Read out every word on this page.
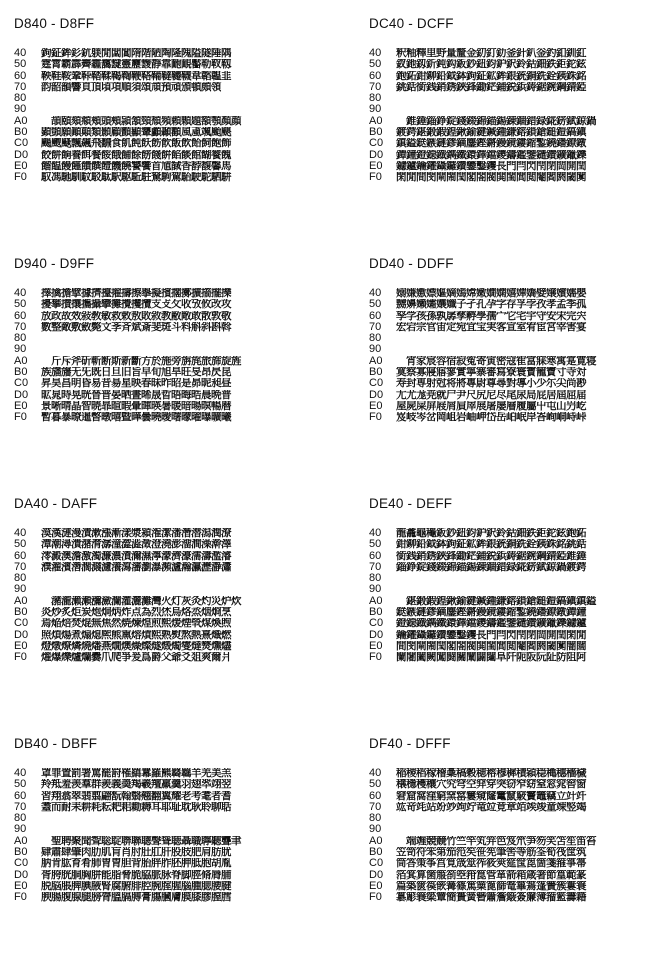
D840 - D8FF
40	鉤鉦鉾釤鈧躾閒闆閶隋階陋陶隆隗隘隧陲隅
50	霆霄霸霹霽霾靄靆靈靂靉靜靠靤靦靨勒靫靱
60	鞅鞋鞍鞏鞐鞜鞣鞨鞫鞭鞳鞴韃韆韈韋韜韞韭
70	韵韶韻響頁頂頃項順須頌頏預頑頒頓頗領
80
90
A0	　頡頤頦頫頬頭頰頴頷頸頹頻頼顆題額顎顏顔
B0	顕顗願顚顛類顥顧顫顯顰顱顳顴風颪颯颱颶
C0	颺颼颾飄飆飛飜食飢飩飫飭飮飯飲飴飼飽飾
D0	餃餅餉養餌餐餒餓餔餘餝餞餠餡餤館餬餮餽
E0	餾饂饅饉饋饌饐饑饒饕饗首馗馘香馞馥馨馬
F0	馭馮馳馴馼駁駄駅駆駈駐駑駒駕駘駛駝駟駢
DC40 - DCFF
40	釈釉釋里野量釐金釖釘釛釜針釟釡釣釦釧釭
50	釵釶釼釿鈍鈎鈑鈔鈕鈞鈩鈬鈴鈷鈿鉄鉅鉈鉉
60	鉋鉐鉗鉚鉛鉞鉢鉤鉦鉱鉾銀銃銅銑銓銕銖銘
70	銚銛銜銭銷銹鋏鋒鋤鋩鋪鋭鋲鋳鋸鋺鋼錆錏
80
90
A0	　錐錘錙錚錠錢錣錦錨錫錬錮錯録錵錺錻鍄鍋
B0	鍍鍔鍖鍛鍜鍠鍬鍮鍵鍼鍾鎌鎔鎖鎗鎚鎧鎬鎭
C0	鎮鎰鎹鏃鏈鏐鏑鏖鏗鏘鏝鏡鏤鏥鏨鐃鐇鐐鐓
D0	鐔鐘鐙鐚鐡鐫鐵鐶鐸鐺鑁鑄鑑鑒鑓鑚鑛鑞鑠
E0	鑢鑪鑰鑵鑷鑼鑽鑾鑿钁長門閂閃閇閉閊開閏
F0	閑閒間閔閘閙閠閣閤閥閧閨閭閲閹閻閼閾闃
D940 - D9FF
40	擇擒擔擘據擠擡擢擣擦擧擬擯擱擲擴擶擺擽
50	擾攀攅攘攜攝攣攤攪攫攬支攴攵收攷攸改攻
60	放政故效敍敎敏救敕敖敗敘教敝敞敢散敦敬
70	數整敵敷斂斃文斈斉斌斎斐斑斗料斛斜斟斡
80
90
A0	　斤斥斧斫斬断斯新斷方於施旁旃旄旅旆旋旌
B0	族旙旛无旡既日旦旧旨早旬旭旱旺旻昂昃昆
C0	昇昊昌明昏易昔昜星映春昧昨昭是昴昵昶昼
D0	昿晁時晃晄晉晋晏晒晝晞晟晢晤晦晧晨晩普
E0	景晰晴晶智暁暃暄暇暈暉暎暑暖暗暘暝暢暦
F0	暫暮暴暸暹暼暾暿曁曄曇曉曖曙曚曜曝曠曦
DD40 - DDFF
40	嫋嫌嫐嫖嫗嫡嫣嫦嫩嫺嫻嬉嬋嬌嬖嬢嬪嬬嬰
50	嬲嬶嬾孀孃孅子孑孔孕字存孚孛孜孝孟季孤
60	孥学孩孫孰孱孳孵學孺宀它宅宇守安宋完宍
70	宏宕宗官宙定宛宜宝実客宣室宥宦宮宰害宴
80
90
A0	　宵家宸容宿寂寃寄寅密寇寉富寐寒寓寔寛寝
B0	寞察寡寢寤寥實寧寨審寫寮寰寳寵寶寸寺対
C0	寿封専射尅将將專尉尊尋對導小少尓尖尚尠
D0	尢尤尨尭就尸尹尺尻尼尽尾尿局屁居屆屈届
E0	屋屍屎屏屐屑屓屖展屠屡層履屬屮屯山屶屹
F0	岌岐岑岔岡岨岩岫岬岱岳岶岷岸峇峋峒峙峠
DA40 - DAFF
40	漠漢漣漫漬漱漲漸漾漿潁潅潔潘潛潜潟潤潦
50	潭潮潯潰潴潸潺潼澀澁澂澄澆澎澑澗澡澣澤
60	澪澱澳澹激濁濂濃濆濔濕濘濛濟濠濡濤濫濬
70	濮濯濱濳濶濺濾瀁瀉瀋瀏瀑瀕瀘瀚瀛瀝瀞瀟
80
90
A0	　瀦瀧瀨瀬瀰瀲瀾灌灑灘灣火灯灰灸灼災炉炊
B0	炎炒炙炬炭炮炯炳炸点為烈烋烏烙烝烟烱烹
C0	焉焔焙焚焜無焦然焼煉煌煎煕煖煙煢煤煥煦
D0	照煩煬煮煽熄熈熊熏熔熕熙熟熨熬熱熹熾燃
E0	燈燉燎燐燒燔燕燗燠燥燦燧燬燭燮燵燹燻燼
F0	燿爆爍爐爛爨爪爬爭爰爲爵父爺爻爼爽爾爿
DE40 - DEFF
40	龍龕龜龝鈑鈔鈕鈞鈩鈬鈴鈷鈿鉄鉅鉈鉉鉋鉐
50	鉗鉚鉛鉞鉢鉤鉦鉱鉾銀銃銅銑銓銕銖銘銚銛
60	銜銭銷銹鋏鋒鋤鋩鋪鋭鋲鋳鋸鋺鋼錆錏錐錘
70	錙錚錠錢錣錦錨錫錬錮錯録錵錺錻鍄鍋鍍鍔
80
90
A0	　鍖鍛鍜鍠鍬鍮鍵鍼鍾鎌鎔鎖鎗鎚鎧鎬鎭鎮鎰
B0	鎹鏃鏈鏐鏑鏖鏗鏘鏝鏡鏤鏥鏨鐃鐇鐐鐓鐔鐘
C0	鐙鐚鐡鐫鐵鐶鐸鐺鑁鑄鑑鑒鑓鑚鑛鑞鑠鑢鑪
D0	鑰鑵鑷鑼鑽鑾鑿钁長門閂閃閇閉閊開閏閑閒
E0	間閔閘閙閠閣閤閥閧閨閭閲閹閻閼閾闃闇闊
F0	闌闍闔闕闖闘關闡闢闥阜阡阨阪阮阯防阻阿
DB40 - DBFF
40	罩罪置罰署罵罷罸罹羂羃羅羆羇羈羊羌美羔
50	羚羝羞羡羣群羨義羮羯羲羶羸羹羽翅翆翊翌
60	習翔翕翠翡翦翩翫翰翳翹翻翼耀老考耄者耆
70	耋而耐耒耕耗耘耙耜耡耨耳耶耻耽耿聆聊聒
80
90
A0	　聖聘聚聞聟聡聢聨聯聰聲聳聴聶職聹聽聾聿
B0	肄肅肆肇肉肋肌肓肖肘肚肛肝股肢肥肩肪肬
C0	肭肯肱育肴肺胃胄胆背胎胖胙胚胛胝胞胡胤
D0	胥胯胱胴胸胼能脂脅脆脇脈脉脊脚脛脩脣脯
E0	脱脳脹脾腆腋腎腐腑腓腔腕腟腥腦腫腮腰腱
F0	腴腸腹腺腿膀膂膃膈膊膏膓膕膚膜膝膠膣膤
DF40 - DFFF
40	稲稷稻稼稽稾稿穀穂穃穆穉積穎穏穐穗穡穢
50	穣穩穫穰穴究穹空穽穿突窃窄窈窒窓窕窖窗
60	窘窟窩窪窮窯窰窶窺窿竃竄竅竇竈竊立竍竏
70	竑竒竓站竕竗竘竚竜竝竟章竡竢竣童竦竪竭
80
90
A0	　端竰競竸竹竺竿笂笄笆笈笊笋笏笑笘笙笛笞
B0	笠笥符笨第笳笵笶笹筅筆筈等筋筌筍筏筐筑
C0	筒答策筝筥筧筬筮筰筱筴筵筺箆箇箋箍箏箒
D0	箔箕算箘箙箚箜箝箟管箪箭箱箴箸節篁範篆
E0	篇築篋篌篏篝篠篤篥篦篩篭篳篶篷簀簇簍簑
F0	簒簓簔簗簟簡簣簧簪簫簷簸簽簾簿籀籃籌籍
